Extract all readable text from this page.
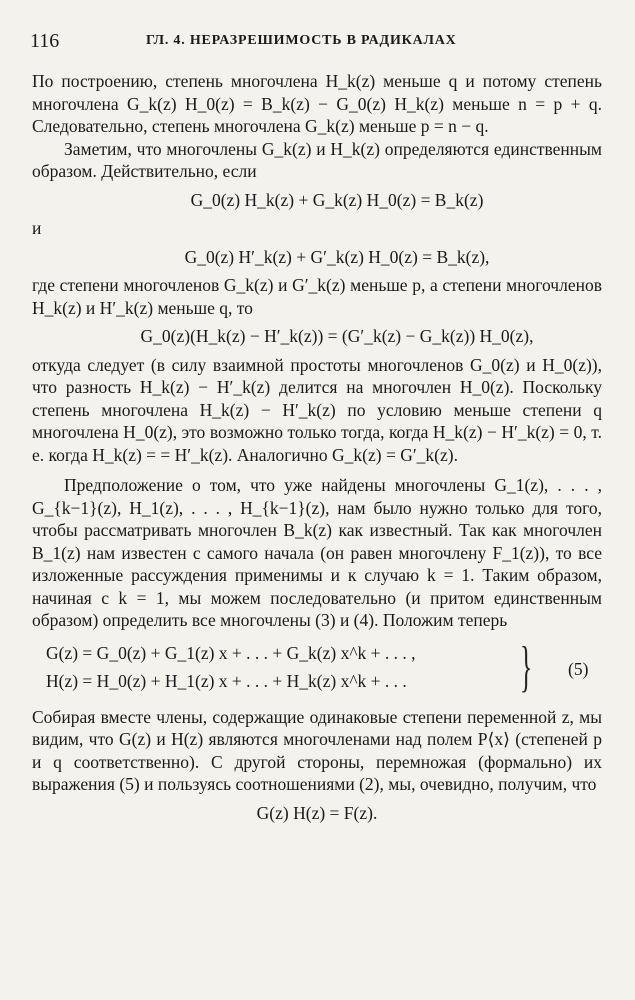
116	ГЛ. 4. НЕРАЗРЕШИМОСТЬ В РАДИКАЛАХ

По построению, степень многочлена H_k(z) меньше q и потому степень многочлена G_k(z) H_0(z) = B_k(z) − G_0(z) H_k(z) меньше n = p + q. Следовательно, степень многочлена G_k(z) меньше p = n − q.

Заметим, что многочлены G_k(z) и H_k(z) определяются единственным образом. Действительно, если

G_0(z) H_k(z) + G_k(z) H_0(z) = B_k(z)

и

G_0(z) H′_k(z) + G′_k(z) H_0(z) = B_k(z),

где степени многочленов G_k(z) и G′_k(z) меньше p, а степени многочленов H_k(z) и H′_k(z) меньше q, то

G_0(z)(H_k(z) − H′_k(z)) = (G′_k(z) − G_k(z)) H_0(z),

откуда следует (в силу взаимной простоты многочленов G_0(z) и H_0(z)), что разность H_k(z) − H′_k(z) делится на многочлен H_0(z). Поскольку степень многочлена H_k(z) − H′_k(z) по условию меньше степени q многочлена H_0(z), это возможно только тогда, когда H_k(z) − H′_k(z) = 0, т. е. когда H_k(z) = = H′_k(z). Аналогично G_k(z) = G′_k(z).

Предположение о том, что уже найдены многочлены G_1(z), . . . , G_{k−1}(z), H_1(z), . . . , H_{k−1}(z), нам было нужно только для того, чтобы рассматривать многочлен B_k(z) как известный. Так как многочлен B_1(z) нам известен с самого начала (он равен многочлену F_1(z)), то все изложенные рассуждения применимы и к случаю k = 1. Таким образом, начиная с k = 1, мы можем последовательно (и притом единственным образом) определить все многочлены (3) и (4). Положим теперь

G(z) = G_0(z) + G_1(z) x + . . . + G_k(z) x^k + . . . ,
H(z) = H_0(z) + H_1(z) x + . . . + H_k(z) x^k + . . . } (5)

Собирая вместе члены, содержащие одинаковые степени переменной z, мы видим, что G(z) и H(z) являются многочленами над полем P⟨x⟩ (степеней p и q соответственно). С другой стороны, перемножая (формально) их выражения (5) и пользуясь соотношениями (2), мы, очевидно, получим, что

G(z) H(z) = F(z).
